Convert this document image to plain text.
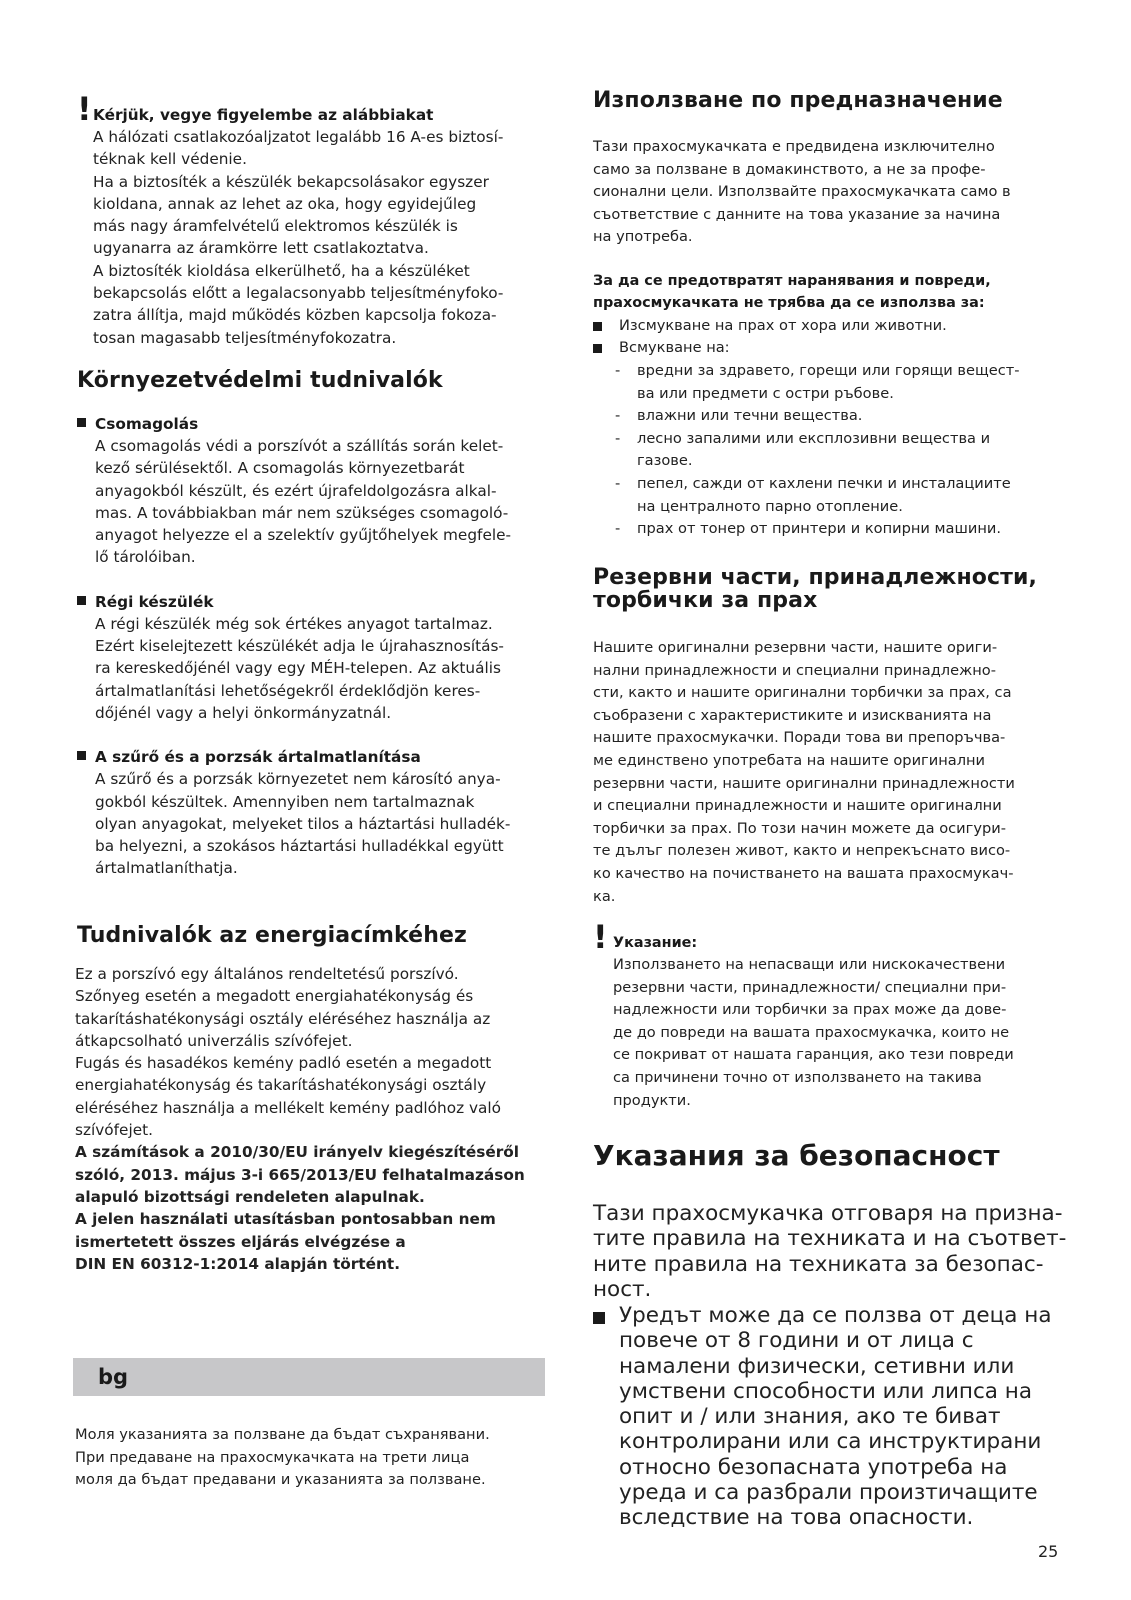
! Kérjük, vegye figyelembe az alábbiakat
A hálózati csatlakozóaljzatot legalább 16 A-es biztosí-
téknak kell védenie.
Ha a biztosíték a készülék bekapcsolásakor egyszer
kioldana, annak az lehet az oka, hogy egyidejűleg
más nagy áramfelvételű elektromos készülék is
ugyanarra az áramkörre lett csatlakoztatva.
A biztosíték kioldása elkerülhető, ha a készüléket
bekapcsolás előtt a legalacsonyabb teljesítményfoko-
zatra állítja, majd működés közben kapcsolja fokoza-
tosan magasabb teljesítményfokozatra.
Környezetvédelmi tudnivalók
Csomagolás
A csomagolás védi a porszívót a szállítás során kelet-
kező sérülésektől. A csomagolás környezetbarát
anyagokból készült, és ezért újrafeldolgozásra alkal-
mas. A továbbiakban már nem szükséges csomagoló-
anyagot helyezze el a szelektív gyűjtőhelyek megfele-
lő tárolóiban.
Régi készülék
A régi készülék még sok értékes anyagot tartalmaz.
Ezért kiselejtezett készülékét adja le újrahasznosítás-
ra kereskedőjénél vagy egy MÉH-telepen. Az aktuális
ártalmatlanítási lehetőségekről érdeklődjön keres-
dőjénél vagy a helyi önkormányzatnál.
A szűrő és a porzsák ártalmatlanítása
A szűrő és a porzsák környezetet nem károsító anya-
gokból készültek. Amennyiben nem tartalmaznak
olyan anyagokat, melyeket tilos a háztartási hulladék-
ba helyezni, a szokásos háztartási hulladékkal együtt
ártalmatlaníthatja.
Tudnivalók az energiacímkéhez
Ez a porszívó egy általános rendeltetésű porszívó.
Szőnyeg esetén a megadott energiahatékonyság és
takarításhatékonysági osztály eléréséhez használja az
átkapcsolható univerzális szívófejet.
Fugás és hasadékos kemény padló esetén a megadott
energiahatékonyság és takarításhatékonysági osztály
eléréséhez használja a mellékelt kemény padlóhoz való
szívófejet.
A számítások a 2010/30/EU irányelv kiegészítéséről
szóló, 2013. május 3-i 665/2013/EU felhatalmazáson
alapuló bizottsági rendeleten alapulnak.
A jelen használati utasításban pontosabban nem
ismertetett összes eljárás elvégzése a
DIN EN 60312-1:2014 alapján történt.
bg
Моля указанията за ползване да бъдат съхранявани.
При предаване на прахосмукачката на трети лица
моля да бъдат предавани и указанията за ползване.
Използване по предназначение
Тази прахосмукачката е предвидена изключително
само за ползване в домакинството, а не за профе-
сионални цели. Използвайте прахосмукачката само в
съответствие с данните на това указание за начина
на употреба.
За да се предотвратят наранявания и повреди,
прахосмукачката не трябва да се използва за:
Изсмукване на прах от хора или животни.
Всмукване на:
- вредни за здравето, горещи или горящи вещест-
ва или предмети с остри ръбове.
- влажни или течни вещества.
- лесно запалими или експлозивни вещества и
газове.
- пепел, сажди от кахлени печки и инсталациите
на централното парно отопление.
- прах от тонер от принтери и копирни машини.
Резервни части, принадлежности,
торбички за прах
Нашите оригинални резервни части, нашите ориги-
нални принадлежности и специални принадлежно-
сти, както и нашите оригинални торбички за прах, са
съобразени с характеристиките и изискванията на
нашите прахосмукачки. Поради това ви препоръчва-
ме единствено употребата на нашите оригинални
резервни части, нашите оригинални принадлежности
и специални принадлежности и нашите оригинални
торбички за прах. По този начин можете да осигури-
те дълъг полезен живот, както и непрекъснато висо-
ко качество на почистването на вашата прахосмукач-
ка.
! Указание:
Използването на непасващи или нискокачествени
резервни части, принадлежности/ специални при-
надлежности или торбички за прах може да дове-
де до повреди на вашата прахосмукачка, които не
се покриват от нашата гаранция, ако тези повреди
са причинени точно от използването на такива
продукти.
Указания за безопасност
Тази прахосмукачка отговаря на призна-
тите правила на техниката и на съответ-
ните правила на техниката за безопас-
ност.
Уредът може да се ползва от деца на
повече от 8 години и от лица с
намалени физически, сетивни или
умствени способности или липса на
опит и / или знания, ако те биват
контролирани или са инструктирани
относно безопасната употреба на
уреда и са разбрали произтичащите
вследствие на това опасности.
25
